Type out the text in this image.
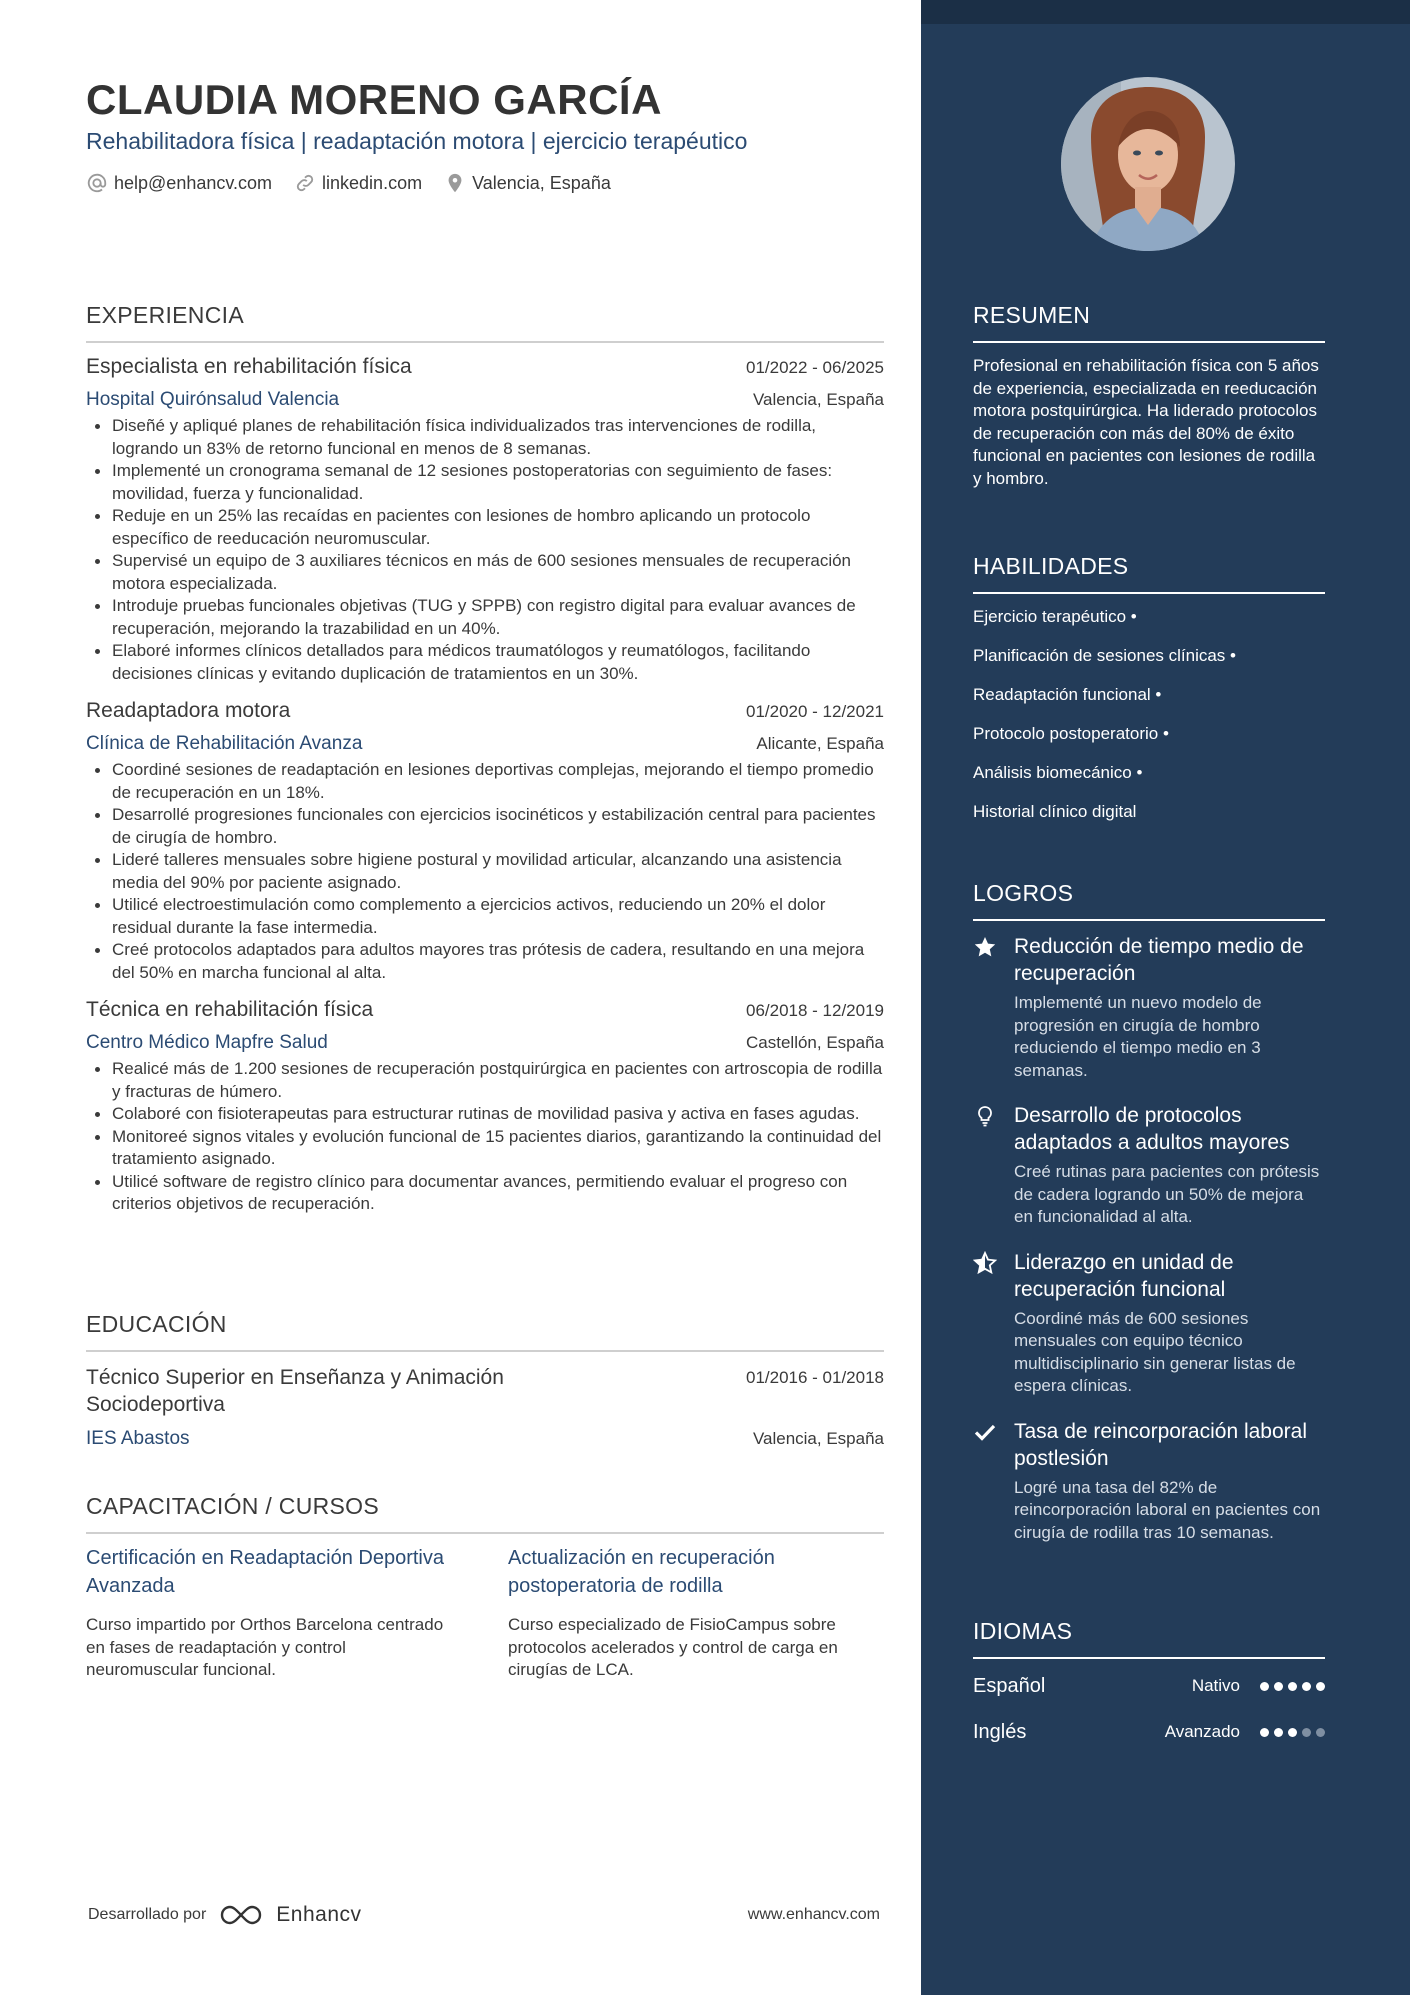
CLAUDIA MORENO GARCÍA
Rehabilitadora física | readaptación motora | ejercicio terapéutico
help@enhancv.com	linkedin.com	Valencia, España
EXPERIENCIA
Especialista en rehabilitación física	01/2022 - 06/2025
Hospital Quirónsalud Valencia	Valencia, España
Diseñé y apliqué planes de rehabilitación física individualizados tras intervenciones de rodilla, logrando un 83% de retorno funcional en menos de 8 semanas.
Implementé un cronograma semanal de 12 sesiones postoperatorias con seguimiento de fases: movilidad, fuerza y funcionalidad.
Reduje en un 25% las recaídas en pacientes con lesiones de hombro aplicando un protocolo específico de reeducación neuromuscular.
Supervisé un equipo de 3 auxiliares técnicos en más de 600 sesiones mensuales de recuperación motora especializada.
Introduje pruebas funcionales objetivas (TUG y SPPB) con registro digital para evaluar avances de recuperación, mejorando la trazabilidad en un 40%.
Elaboré informes clínicos detallados para médicos traumatólogos y reumatólogos, facilitando decisiones clínicas y evitando duplicación de tratamientos en un 30%.
Readaptadora motora	01/2020 - 12/2021
Clínica de Rehabilitación Avanza	Alicante, España
Coordiné sesiones de readaptación en lesiones deportivas complejas, mejorando el tiempo promedio de recuperación en un 18%.
Desarrollé progresiones funcionales con ejercicios isocinéticos y estabilización central para pacientes de cirugía de hombro.
Lideré talleres mensuales sobre higiene postural y movilidad articular, alcanzando una asistencia media del 90% por paciente asignado.
Utilicé electroestimulación como complemento a ejercicios activos, reduciendo un 20% el dolor residual durante la fase intermedia.
Creé protocolos adaptados para adultos mayores tras prótesis de cadera, resultando en una mejora del 50% en marcha funcional al alta.
Técnica en rehabilitación física	06/2018 - 12/2019
Centro Médico Mapfre Salud	Castellón, España
Realicé más de 1.200 sesiones de recuperación postquirúrgica en pacientes con artroscopia de rodilla y fracturas de húmero.
Colaboré con fisioterapeutas para estructurar rutinas de movilidad pasiva y activa en fases agudas.
Monitoreé signos vitales y evolución funcional de 15 pacientes diarios, garantizando la continuidad del tratamiento asignado.
Utilicé software de registro clínico para documentar avances, permitiendo evaluar el progreso con criterios objetivos de recuperación.
EDUCACIÓN
Técnico Superior en Enseñanza y Animación Sociodeportiva
01/2016 - 01/2018
IES Abastos	Valencia, España
CAPACITACIÓN / CURSOS
Certificación en Readaptación Deportiva Avanzada
Curso impartido por Orthos Barcelona centrado en fases de readaptación y control neuromuscular funcional.
Actualización en recuperación postoperatoria de rodilla
Curso especializado de FisioCampus sobre protocolos acelerados y control de carga en cirugías de LCA.
Desarrollado por	Enhancv	www.enhancv.com
RESUMEN
Profesional en rehabilitación física con 5 años de experiencia, especializada en reeducación motora postquirúrgica. Ha liderado protocolos de recuperación con más del 80% de éxito funcional en pacientes con lesiones de rodilla y hombro.
HABILIDADES
Ejercicio terapéutico •
Planificación de sesiones clínicas •
Readaptación funcional •
Protocolo postoperatorio •
Análisis biomecánico •
Historial clínico digital
LOGROS
Reducción de tiempo medio de recuperación
Implementé un nuevo modelo de progresión en cirugía de hombro reduciendo el tiempo medio en 3 semanas.
Desarrollo de protocolos adaptados a adultos mayores
Creé rutinas para pacientes con prótesis de cadera logrando un 50% de mejora en funcionalidad al alta.
Liderazgo en unidad de recuperación funcional
Coordiné más de 600 sesiones mensuales con equipo técnico multidisciplinario sin generar listas de espera clínicas.
Tasa de reincorporación laboral postlesión
Logré una tasa del 82% de reincorporación laboral en pacientes con cirugía de rodilla tras 10 semanas.
IDIOMAS
Español	Nativo
Inglés	Avanzado
